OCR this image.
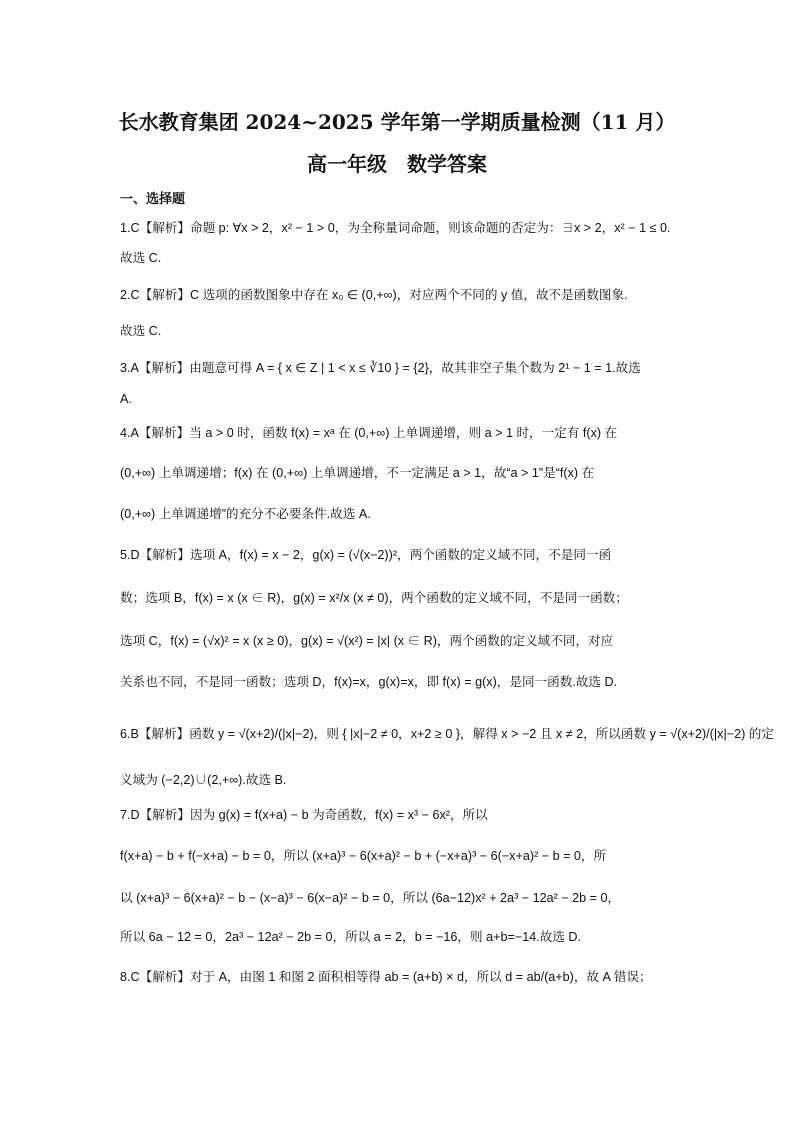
长水教育集团 2024~2025 学年第一学期质量检测（11 月）
高一年级　数学答案
一、选择题
1.C【解析】命题 p: ∀x > 2，x² − 1 > 0，为全称量词命题，则该命题的否定为：∃x > 2，x² − 1 ≤ 0.
故选 C.
2.C【解析】C 选项的函数图象中存在 x₀ ∈ (0,+∞)，对应两个不同的 y 值，故不是函数图象.
故选 C.
3.A【解析】由题意可得 A = { x ∈ Z | 1 < x ≤ ∛10 } = {2}，故其非空子集个数为 2¹ − 1 = 1.故选
A.
4.A【解析】当 a > 0 时，函数 f(x) = xᵃ 在 (0,+∞) 上单调递增，则 a > 1 时，一定有 f(x) 在
(0,+∞) 上单调递增；f(x) 在 (0,+∞) 上单调递增，不一定满足 a > 1，故“a > 1”是“f(x) 在
(0,+∞) 上单调递增”的充分不必要条件.故选 A.
5.D【解析】选项 A，f(x) = x − 2，g(x) = (√(x−2))²，两个函数的定义域不同，不是同一函
数；选项 B，f(x) = x (x ∈ R)，g(x) = x²/x (x ≠ 0)，两个函数的定义域不同，不是同一函数；
选项 C，f(x) = (√x)² = x (x ≥ 0)，g(x) = √(x²) = |x| (x ∈ R)，两个函数的定义域不同，对应
关系也不同，不是同一函数；选项 D，f(x)=x，g(x)=x，即 f(x) = g(x)，是同一函数.故选 D.
6.B【解析】函数 y = √(x+2)/(|x|−2)，则 { |x|−2 ≠ 0，x+2 ≥ 0 }，解得 x > −2 且 x ≠ 2，所以函数 y = √(x+2)/(|x|−2) 的定
义域为 (−2,2)∪(2,+∞).故选 B.
7.D【解析】因为 g(x) = f(x+a) − b 为奇函数，f(x) = x³ − 6x²，所以
f(x+a) − b + f(−x+a) − b = 0，所以 (x+a)³ − 6(x+a)² − b + (−x+a)³ − 6(−x+a)² − b = 0，所
以 (x+a)³ − 6(x+a)² − b − (x−a)³ − 6(x−a)² − b = 0，所以 (6a−12)x² + 2a³ − 12a² − 2b = 0，
所以 6a − 12 = 0，2a³ − 12a² − 2b = 0，所以 a = 2，b = −16，则 a+b=−14.故选 D.
8.C【解析】对于 A，由图 1 和图 2 面积相等得 ab = (a+b) × d，所以 d = ab/(a+b)，故 A 错误；
